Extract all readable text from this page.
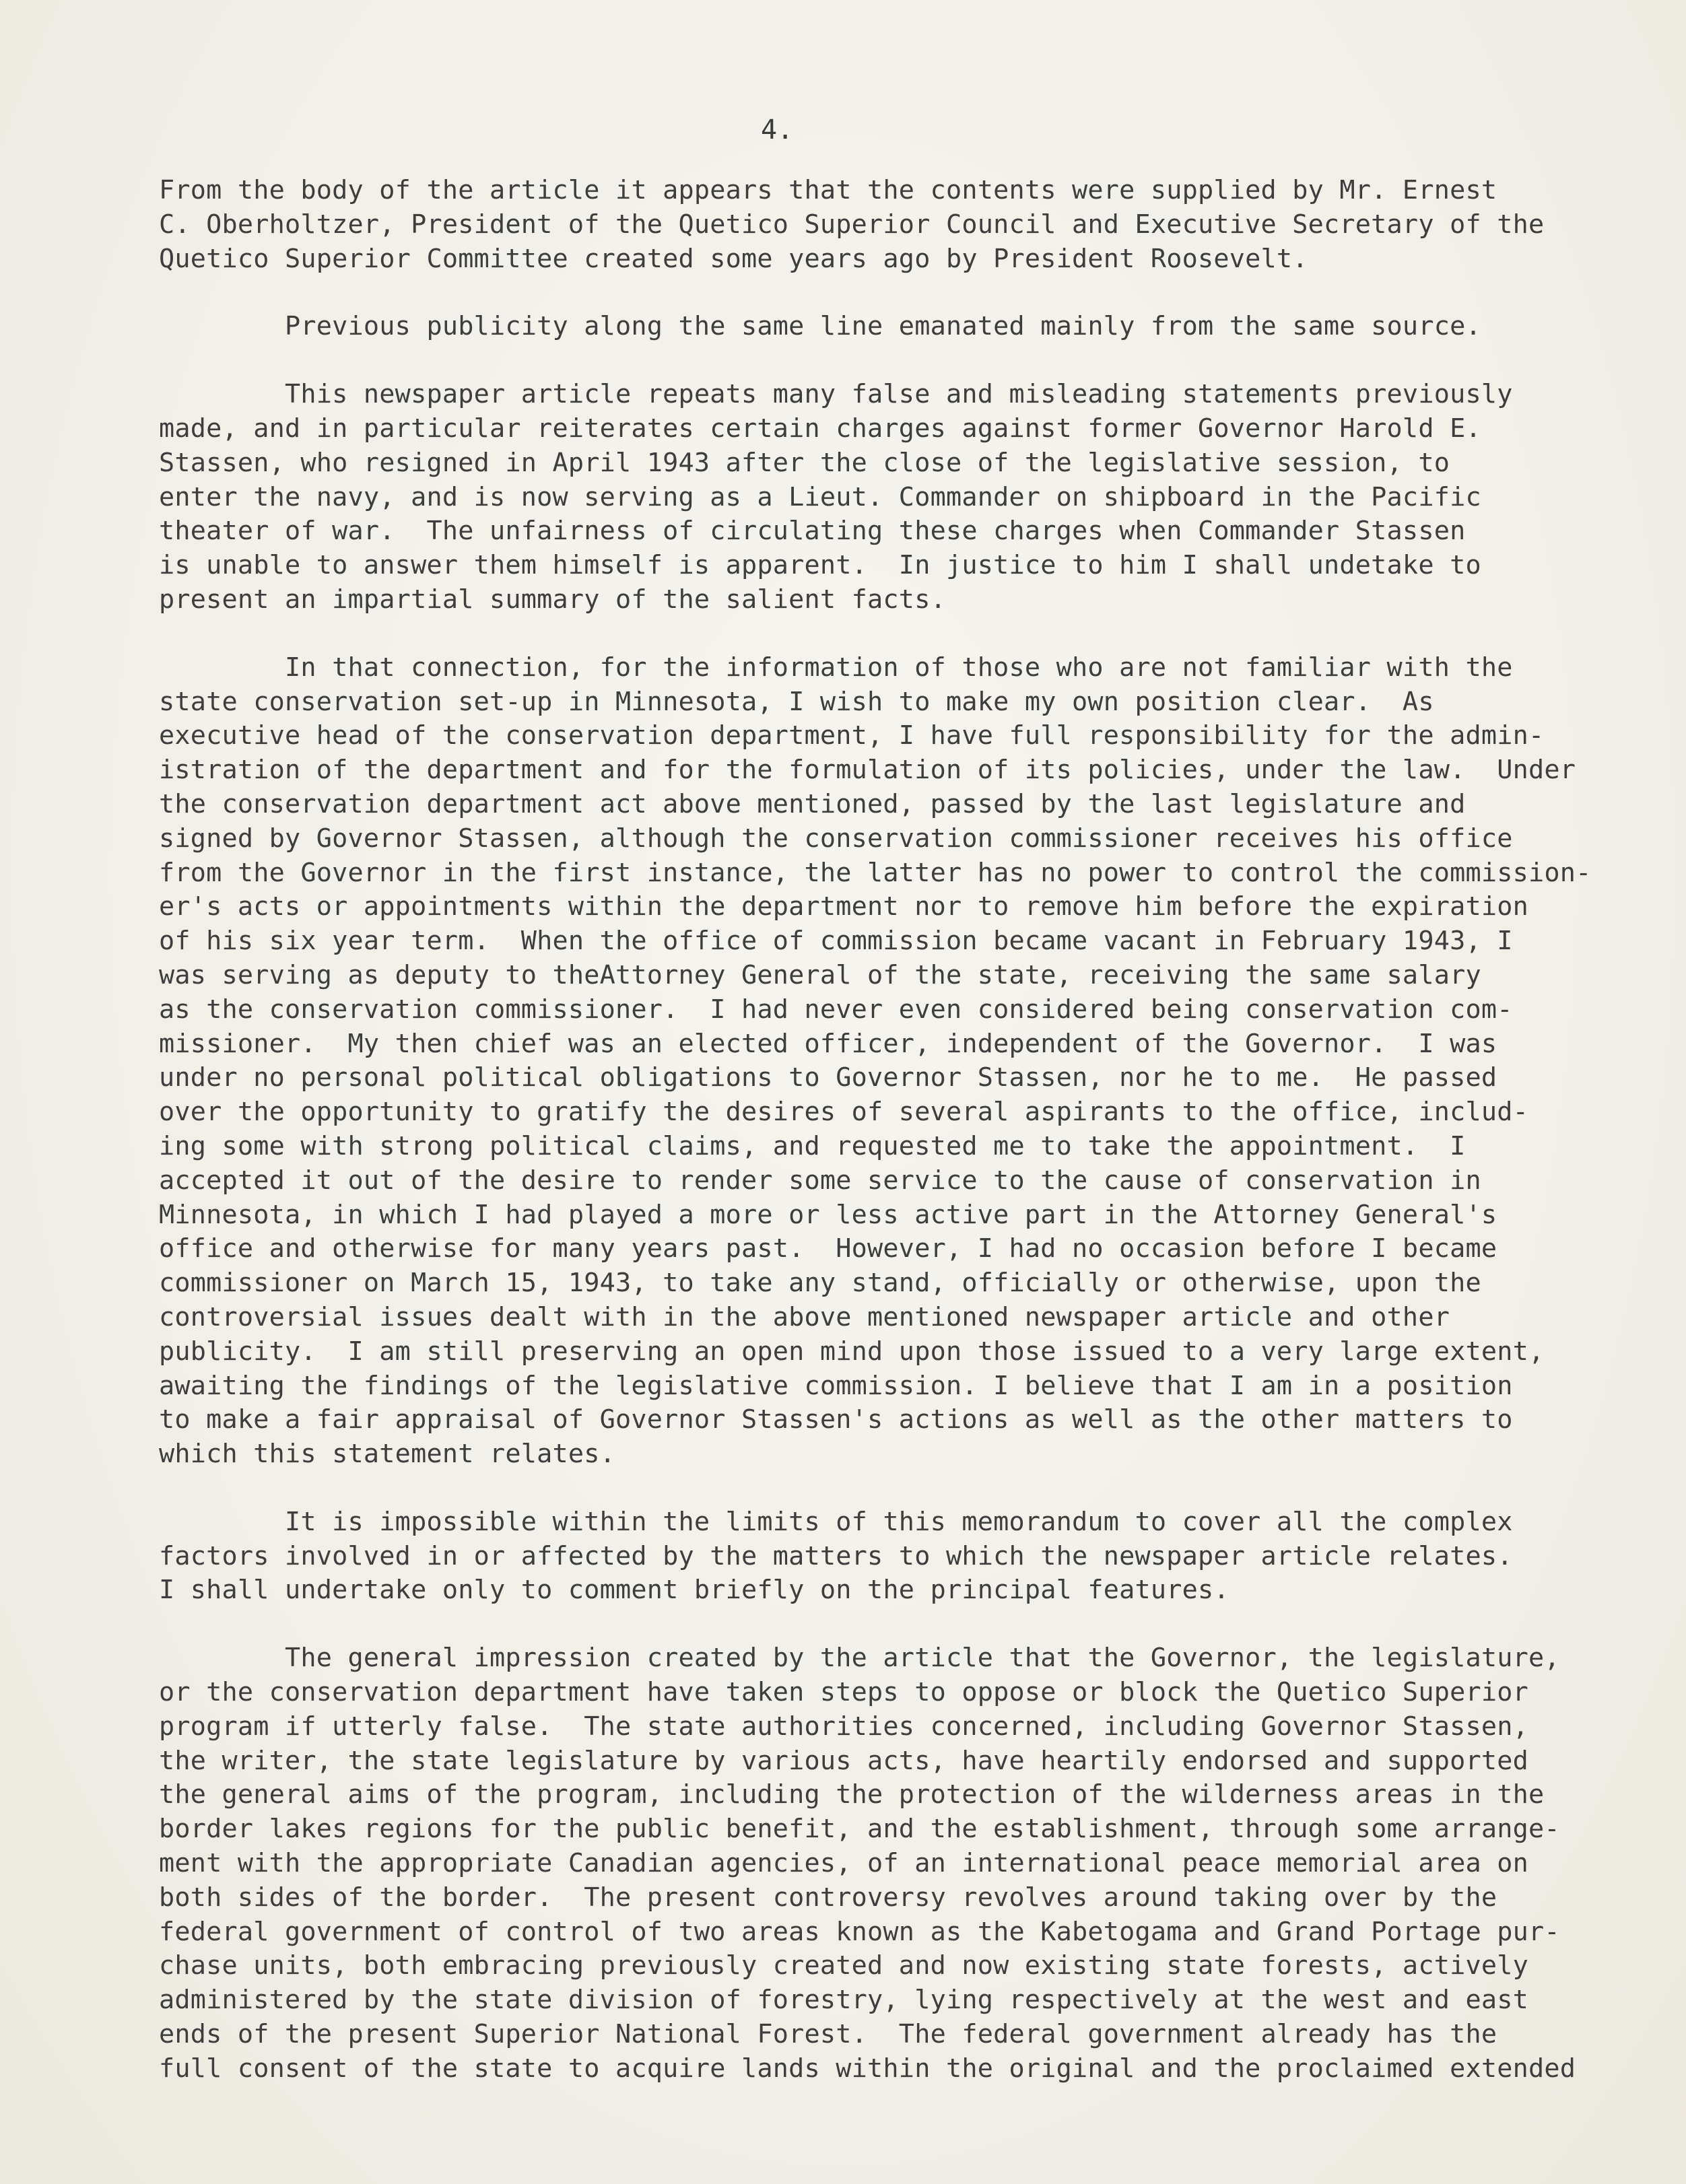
4.
From the body of the article it appears that the contents were supplied by Mr. Ernest
C. Oberholtzer, President of the Quetico Superior Council and Executive Secretary of the
Quetico Superior Committee created some years ago by President Roosevelt.
Previous publicity along the same line emanated mainly from the same source.
This newspaper article repeats many false and misleading statements previously
made, and in particular reiterates certain charges against former Governor Harold E.
Stassen, who resigned in April 1943 after the close of the legislative session, to
enter the navy, and is now serving as a Lieut. Commander on shipboard in the Pacific
theater of war.  The unfairness of circulating these charges when Commander Stassen
is unable to answer them himself is apparent.  In justice to him I shall undetake to
present an impartial summary of the salient facts.
In that connection, for the information of those who are not familiar with the
state conservation set-up in Minnesota, I wish to make my own position clear.  As
executive head of the conservation department, I have full responsibility for the admin-
istration of the department and for the formulation of its policies, under the law.  Under
the conservation department act above mentioned, passed by the last legislature and
signed by Governor Stassen, although the conservation commissioner receives his office
from the Governor in the first instance, the latter has no power to control the commission-
er's acts or appointments within the department nor to remove him before the expiration
of his six year term.  When the office of commission became vacant in February 1943, I
was serving as deputy to theAttorney General of the state, receiving the same salary
as the conservation commissioner.  I had never even considered being conservation com-
missioner.  My then chief was an elected officer, independent of the Governor.  I was
under no personal political obligations to Governor Stassen, nor he to me.  He passed
over the opportunity to gratify the desires of several aspirants to the office, includ-
ing some with strong political claims, and requested me to take the appointment.  I
accepted it out of the desire to render some service to the cause of conservation in
Minnesota, in which I had played a more or less active part in the Attorney General's
office and otherwise for many years past.  However, I had no occasion before I became
commissioner on March 15, 1943, to take any stand, officially or otherwise, upon the
controversial issues dealt with in the above mentioned newspaper article and other
publicity.  I am still preserving an open mind upon those issued to a very large extent,
awaiting the findings of the legislative commission. I believe that I am in a position
to make a fair appraisal of Governor Stassen's actions as well as the other matters to
which this statement relates.
It is impossible within the limits of this memorandum to cover all the complex
factors involved in or affected by the matters to which the newspaper article relates.
I shall undertake only to comment briefly on the principal features.
The general impression created by the article that the Governor, the legislature,
or the conservation department have taken steps to oppose or block the Quetico Superior
program if utterly false.  The state authorities concerned, including Governor Stassen,
the writer, the state legislature by various acts, have heartily endorsed and supported
the general aims of the program, including the protection of the wilderness areas in the
border lakes regions for the public benefit, and the establishment, through some arrange-
ment with the appropriate Canadian agencies, of an international peace memorial area on
both sides of the border.  The present controversy revolves around taking over by the
federal government of control of two areas known as the Kabetogama and Grand Portage pur-
chase units, both embracing previously created and now existing state forests, actively
administered by the state division of forestry, lying respectively at the west and east
ends of the present Superior National Forest.  The federal government already has the
full consent of the state to acquire lands within the original and the proclaimed extended
